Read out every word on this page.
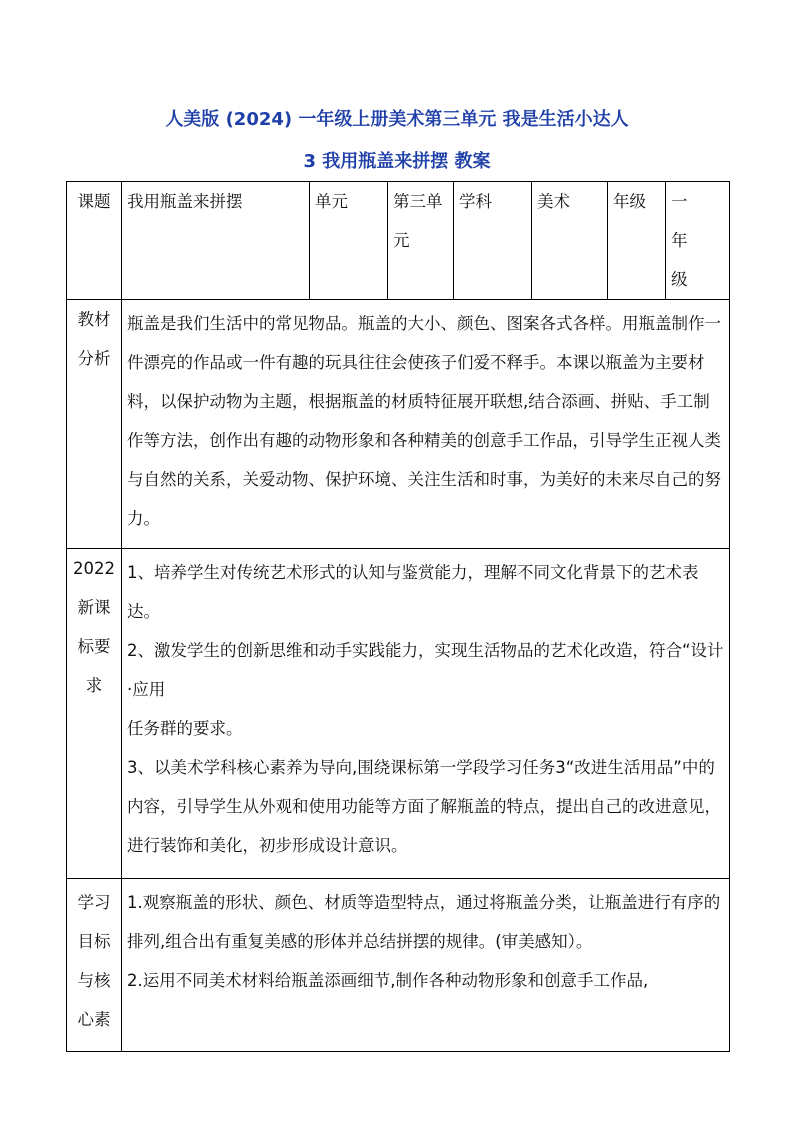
人美版 (2024) 一年级上册美术第三单元 我是生活小达人
3 我用瓶盖来拼摆 教案
课题	我用瓶盖来拼摆	单元	第三单元	学科	美术	年级	一 年级
教材分析	瓶盖是我们生活中的常见物品。瓶盖的大小、颜色、图案各式各样。用瓶盖制作一件漂亮的作品或一件有趣的玩具往往会使孩子们爱不释手。本课以瓶盖为主要材料，以保护动物为主题，根据瓶盖的材质特征展开联想,结合添画、拼贴、手工制作等方法，创作出有趣的动物形象和各种精美的创意手工作品，引导学生正视人类与自然的关系，关爱动物、保护环境、关注生活和时事，为美好的未来尽自己的努力。						
2022新课标要求	1、培养学生对传统艺术形式的认知与鉴赏能力，理解不同文化背景下的艺术表达。

2、激发学生的创新思维和动手实践能力，实现生活物品的艺术化改造，符合“设计·应用

任务群的要求。

3、以美术学科核心素养为导向,围绕课标第一学段学习任务3“改进生活用品”中的内容，引导学生从外观和使用功能等方面了解瓶盖的特点，提出自己的改进意见，进行装饰和美化，初步形成设计意识。						

学习目标与核心素	1.观察瓶盖的形状、颜色、材质等造型特点，通过将瓶盖分类，让瓶盖进行有序的排列,组合出有重复美感的形体并总结拼摆的规律。(审美感知）。

2.运用不同美术材料给瓶盖添画细节,制作各种动物形象和创意手工作品,						
